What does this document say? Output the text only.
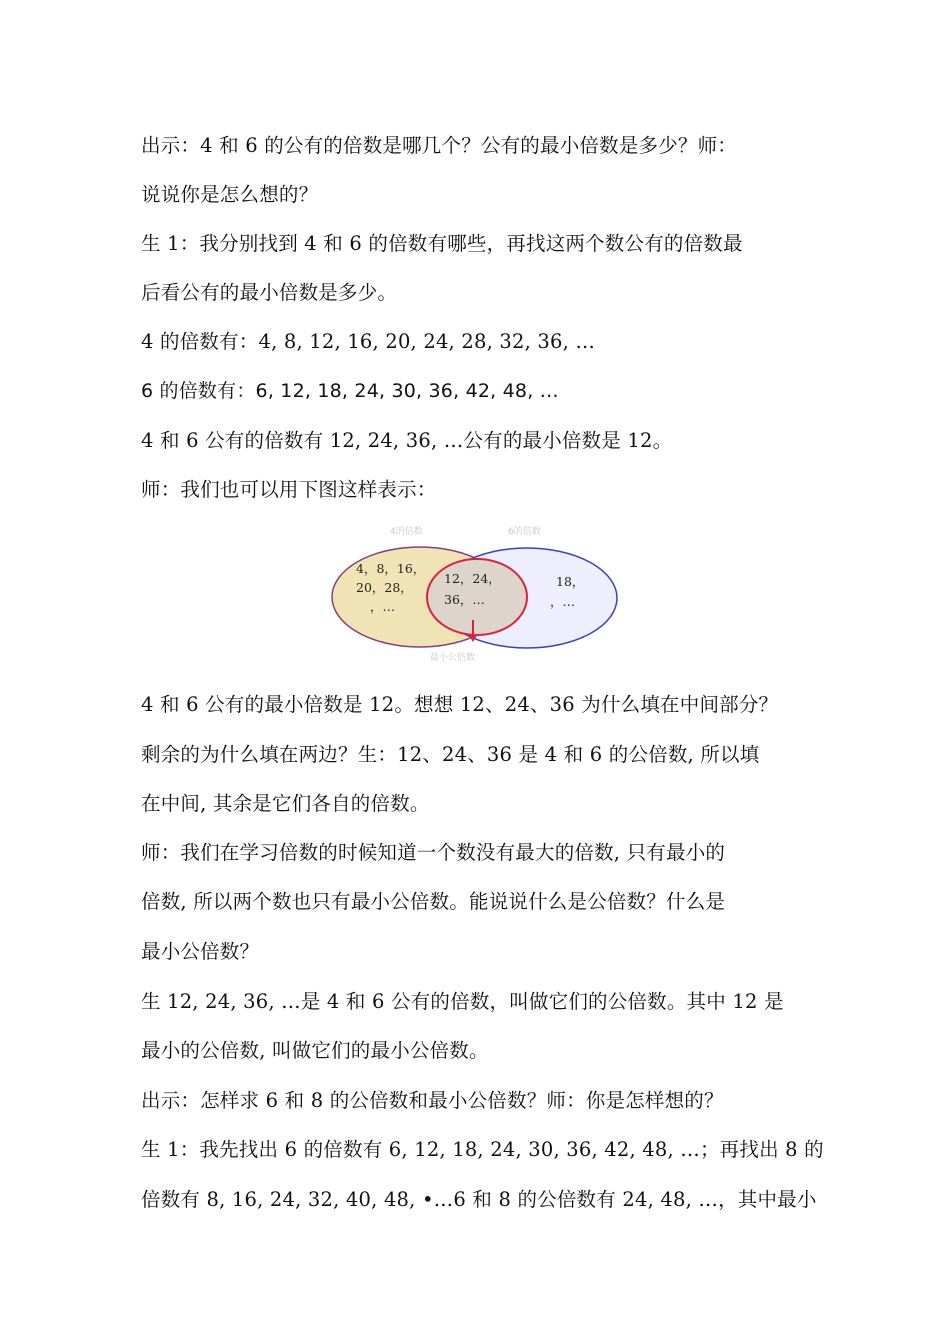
出示：4 和 6 的公有的倍数是哪几个？公有的最小倍数是多少？师：
说说你是怎么想的？
生 1：我分别找到 4 和 6 的倍数有哪些，再找这两个数公有的倍数最
后看公有的最小倍数是多少。
4 的倍数有：4, 8, 12, 16, 20, 24, 28, 32, 36, …
6 的倍数有：6, 12, 18, 24, 30, 36, 42, 48, …
4 和 6 公有的倍数有 12, 24, 36, …公有的最小倍数是 12。
师：我们也可以用下图这样表示：
4的倍数	6的倍数
4，8，16，
20，28，
，…
12，24，
36，…
18，
，…
最小公倍数
4 和 6 公有的最小倍数是 12。想想 12、24、36 为什么填在中间部分？
剩余的为什么填在两边？生：12、24、36 是 4 和 6 的公倍数, 所以填
在中间, 其余是它们各自的倍数。
师：我们在学习倍数的时候知道一个数没有最大的倍数, 只有最小的
倍数, 所以两个数也只有最小公倍数。能说说什么是公倍数？什么是
最小公倍数？
生 12, 24, 36, …是 4 和 6 公有的倍数，叫做它们的公倍数。其中 12 是
最小的公倍数, 叫做它们的最小公倍数。
出示：怎样求 6 和 8 的公倍数和最小公倍数？师：你是怎样想的？
生 1：我先找出 6 的倍数有 6, 12, 18, 24, 30, 36, 42, 48, …；再找出 8 的
倍数有 8, 16, 24, 32, 40, 48, •…6 和 8 的公倍数有 24, 48, …，其中最小
